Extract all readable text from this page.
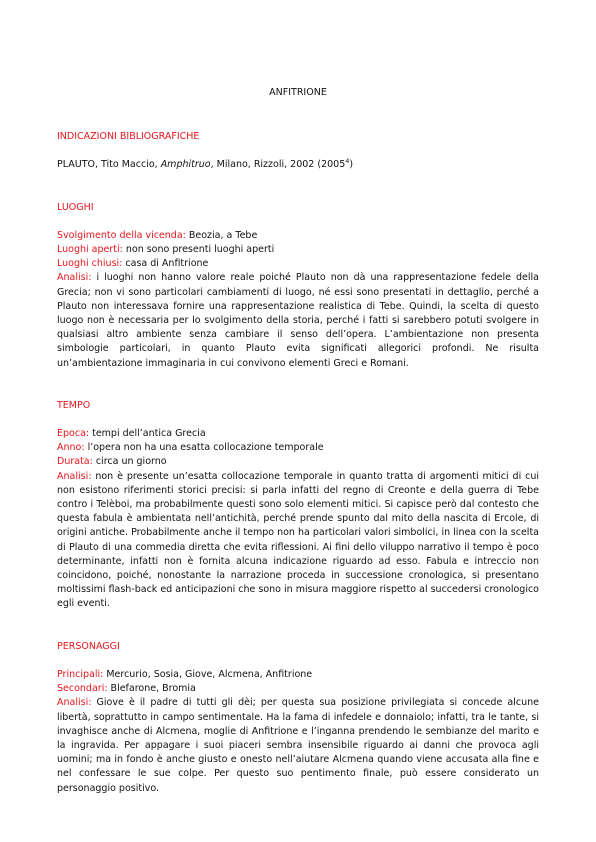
ANFITRIONE
INDICAZIONI BIBLIOGRAFICHE
PLAUTO, Tito Maccio, Amphitruo, Milano, Rizzoli, 2002 (2005$^4$)
LUOGHI
Svolgimento della vicenda: Beozia, a Tebe
Luoghi aperti: non sono presenti luoghi aperti
Luoghi chiusi: casa di Anfitrione
Analisi: i luoghi non hanno valore reale poiché Plauto non dà una rappresentazione fedele della Grecia; non vi sono particolari cambiamenti di luogo, né essi sono presentati in dettaglio, perché a Plauto non interessava fornire una rappresentazione realistica di Tebe. Quindi, la scelta di questo luogo non è necessaria per lo svolgimento della storia, perché i fatti si sarebbero potuti svolgere in qualsiasi altro ambiente senza cambiare il senso dell’opera. L’ambientazione non presenta simbologie particolari, in quanto Plauto evita significati allegorici profondi. Ne risulta un’ambientazione immaginaria in cui convivono elementi Greci e Romani.
TEMPO
Epoca: tempi dell’antica Grecia
Anno: l’opera non ha una esatta collocazione temporale
Durata: circa un giorno
Analisi: non è presente un’esatta collocazione temporale in quanto tratta di argomenti mitici di cui non esistono riferimenti storici precisi: si parla infatti del regno di Creonte e della guerra di Tebe contro i Telèboi, ma probabilmente questi sono solo elementi mitici. Si capisce però dal contesto che questa fabula è ambientata nell’antichità, perché prende spunto dal mito della nascita di Ercole, di origini antiche. Probabilmente anche il tempo non ha particolari valori simbolici, in linea con la scelta di Plauto di una commedia diretta che evita riflessioni. Ai fini dello viluppo narrativo il tempo è poco determinante, infatti non è fornita alcuna indicazione riguardo ad esso. Fabula e intreccio non coincidono, poiché, nonostante la narrazione proceda in successione cronologica, si presentano moltissimi flash-back ed anticipazioni che sono in misura maggiore rispetto al succedersi cronologico egli eventi.
PERSONAGGI
Principali: Mercurio, Sosia, Giove, Alcmena, Anfitrione
Secondari: Blefarone, Bromia
Analisi: Giove è il padre di tutti gli dèi; per questa sua posizione privilegiata si concede alcune libertà, soprattutto in campo sentimentale. Ha la fama di infedele e donnaiolo; infatti, tra le tante, si invaghisce anche di Alcmena, moglie di Anfitrione e l’inganna prendendo le sembianze del marito e la ingravida. Per appagare i suoi piaceri sembra insensibile riguardo ai danni che provoca agli uomini; ma in fondo è anche giusto e onesto nell’aiutare Alcmena quando viene accusata alla fine e nel confessare le sue colpe. Per questo suo pentimento finale, può essere considerato un personaggio positivo.
